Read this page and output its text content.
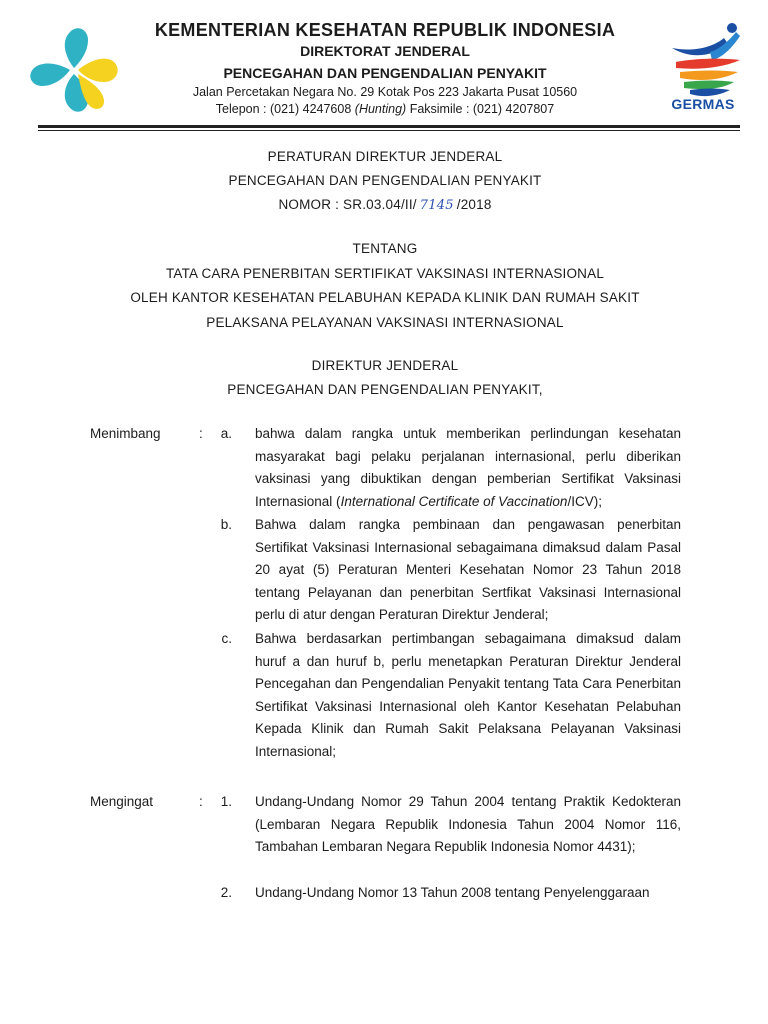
KEMENTERIAN KESEHATAN REPUBLIK INDONESIA
DIREKTORAT JENDERAL
PENCEGAHAN DAN PENGENDALIAN PENYAKIT
Jalan Percetakan Negara No. 29 Kotak Pos 223 Jakarta Pusat 10560
Telepon : (021) 4247608 (Hunting) Faksimile : (021) 4207807	GERMAS
PERATURAN DIREKTUR JENDERAL
PENCEGAHAN DAN PENGENDALIAN PENYAKIT
NOMOR : SR.03.04/II/ 7145 /2018
TENTANG
TATA CARA PENERBITAN SERTIFIKAT VAKSINASI INTERNASIONAL
OLEH KANTOR KESEHATAN PELABUHAN KEPADA KLINIK DAN RUMAH SAKIT
PELAKSANA PELAYANAN VAKSINASI INTERNASIONAL
DIREKTUR JENDERAL
PENCEGAHAN DAN PENGENDALIAN PENYAKIT,
Menimbang	:	a. bahwa dalam rangka untuk memberikan perlindungan kesehatan masyarakat bagi pelaku perjalanan internasional, perlu diberikan vaksinasi yang dibuktikan dengan pemberian Sertifikat Vaksinasi Internasional (International Certificate of Vaccination/ICV);
b. Bahwa dalam rangka pembinaan dan pengawasan penerbitan Sertifikat Vaksinasi Internasional sebagaimana dimaksud dalam Pasal 20 ayat (5) Peraturan Menteri Kesehatan Nomor 23 Tahun 2018 tentang Pelayanan dan penerbitan Sertfikat Vaksinasi Internasional perlu di atur dengan Peraturan Direktur Jenderal;
c. Bahwa berdasarkan pertimbangan sebagaimana dimaksud dalam huruf a dan huruf b, perlu menetapkan Peraturan Direktur Jenderal Pencegahan dan Pengendalian Penyakit tentang Tata Cara Penerbitan Sertifikat Vaksinasi Internasional oleh Kantor Kesehatan Pelabuhan Kepada Klinik dan Rumah Sakit Pelaksana Pelayanan Vaksinasi Internasional;
Mengingat	:	1. Undang-Undang Nomor 29 Tahun 2004 tentang Praktik Kedokteran (Lembaran Negara Republik Indonesia Tahun 2004 Nomor 116, Tambahan Lembaran Negara Republik Indonesia Nomor 4431);
2. Undang-Undang Nomor 13 Tahun 2008 tentang Penyelenggaraan
